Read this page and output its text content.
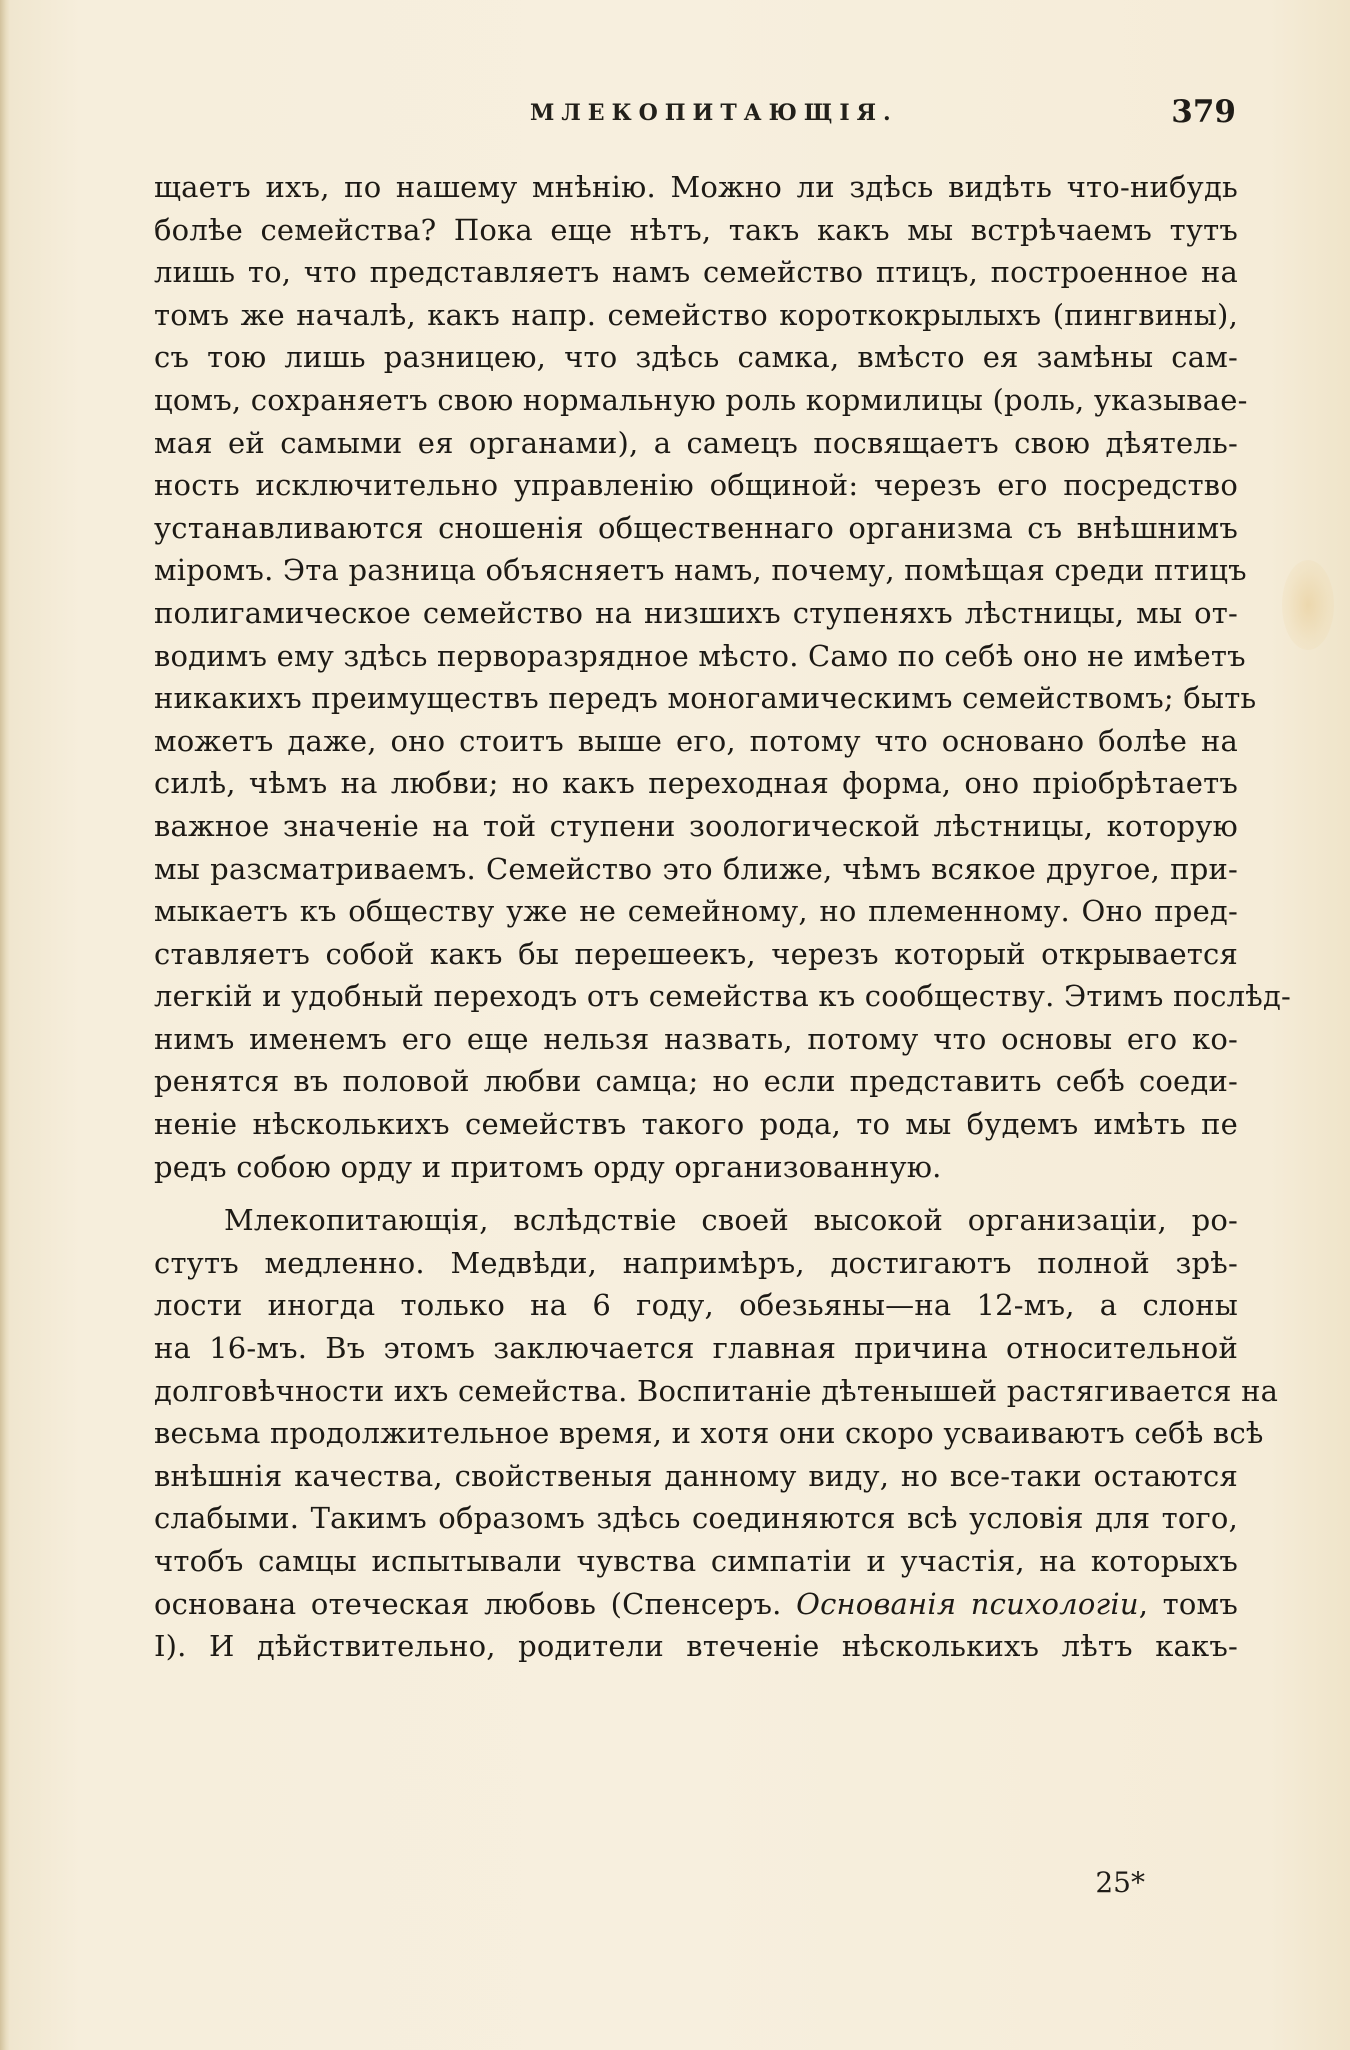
МЛЕКОПИТАЮЩІЯ.	379
щаетъ ихъ, по нашему мнѣнію. Можно ли здѣсь видѣть что-нибудь
болѣе семейства? Пока еще нѣтъ, такъ какъ мы встрѣчаемъ тутъ
лишь то, что представляетъ намъ семейство птицъ, построенное на
томъ же началѣ, какъ напр. семейство короткокрылыхъ (пингвины),
съ тою лишь разницею, что здѣсь самка, вмѣсто ея замѣны сам-
цомъ, сохраняетъ свою нормальную роль кормилицы (роль, указывае-
мая ей самыми ея органами), а самецъ посвящаетъ свою дѣятель-
ность исключительно управленію общиной: черезъ его посредство
устанавливаются сношенія общественнаго организма съ внѣшнимъ
міромъ. Эта разница объясняетъ намъ, почему, помѣщая среди птицъ
полигамическое семейство на низшихъ ступеняхъ лѣстницы, мы от-
водимъ ему здѣсь перворазрядное мѣсто. Само по себѣ оно не имѣетъ
никакихъ преимуществъ передъ моногамическимъ семействомъ; быть
можетъ даже, оно стоитъ выше его, потому что основано болѣе на
силѣ, чѣмъ на любви; но какъ переходная форма, оно пріобрѣтаетъ
важное значеніе на той ступени зоологической лѣстницы, которую
мы разсматриваемъ. Семейство это ближе, чѣмъ всякое другое, при-
мыкаетъ къ обществу уже не семейному, но племенному. Оно пред-
ставляетъ собой какъ бы перешеекъ, черезъ который открывается
легкій и удобный переходъ отъ семейства къ сообществу. Этимъ послѣд-
нимъ именемъ его еще нельзя назвать, потому что основы его ко-
ренятся въ половой любви самца; но если представить себѣ соеди-
неніе нѣсколькихъ семействъ такого рода, то мы будемъ имѣть пе
редъ собою орду и притомъ орду организованную.
Млекопитающія, вслѣдствіе своей высокой организаціи, ро-
стутъ медленно. Медвѣди, напримѣръ, достигаютъ полной зрѣ-
лости иногда только на 6 году, обезьяны—на 12-мъ, а слоны
на 16-мъ. Въ этомъ заключается главная причина относительной
долговѣчности ихъ семейства. Воспитаніе дѣтенышей растягивается на
весьма продолжительное время, и хотя они скоро усваиваютъ себѣ всѣ
внѣшнія качества, свойственыя данному виду, но все-таки остаются
слабыми. Такимъ образомъ здѣсь соединяются всѣ условія для того,
чтобъ самцы испытывали чувства симпатіи и участія, на которыхъ
основана отеческая любовь (Спенсеръ. Основанія психологіи, томъ
I). И дѣйствительно, родители втеченіе нѣсколькихъ лѣтъ какъ-
25*
